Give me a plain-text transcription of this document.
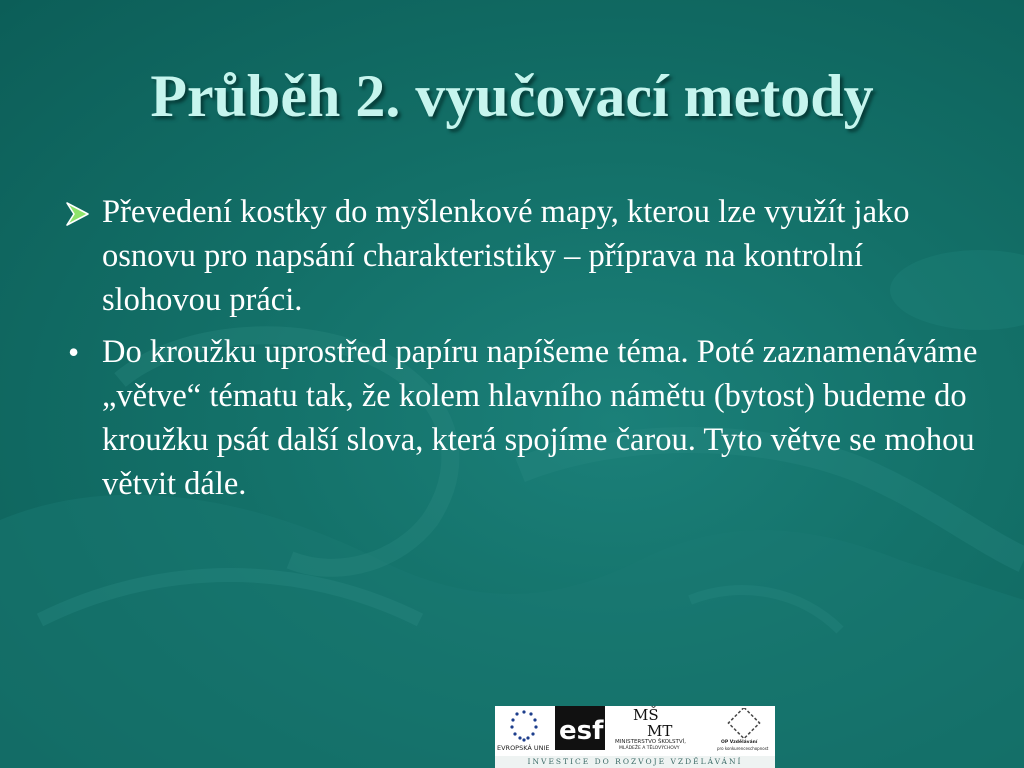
Průběh 2. vyučovací metody
Převedení kostky do myšlenkové mapy, kterou lze využít jako osnovu pro napsání charakteristiky – příprava na kontrolní slohovou práci.
• Do kroužku uprostřed papíru napíšeme téma. Poté zaznamenáváme „větve“ tématu tak, že kolem hlavního námětu (bytost) budeme do kroužku psát další slova, která spojíme čarou. Tyto větve se mohou větvit dále.
EVROPSKÁ UNIE
esf
MŠ
MT
MINISTERSTVO ŠKOLSTVÍ,
MLÁDEŽE A TĚLOVÝCHOVY
OP Vzdělávání
pro konkurenceschopnost
INVESTICE DO ROZVOJE VZDĚLÁVÁNÍ
